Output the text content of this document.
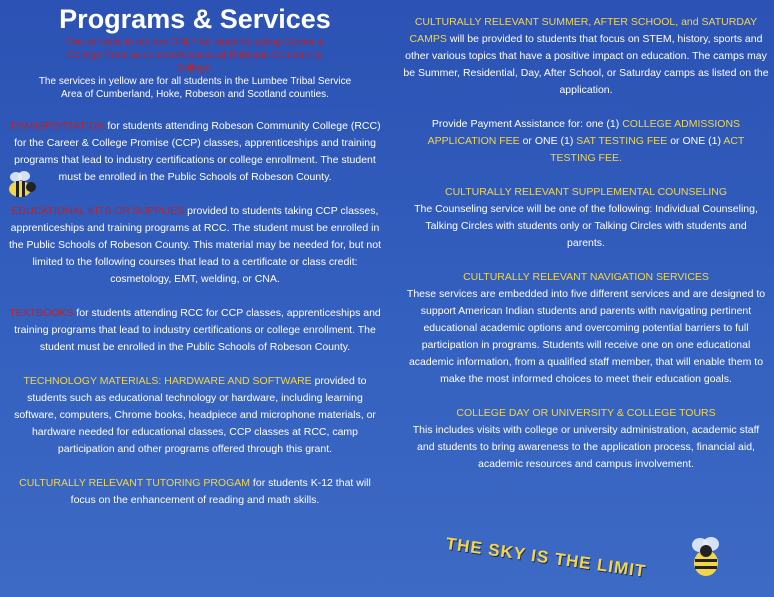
Programs & Services

The services in red are ONLY for students taking Career & College Promise courses/classes at Robeson Community College.

The services in yellow are for all students in the Lumbee Tribal Service Area of Cumberland, Hoke, Robeson and Scotland counties.

TRANSPORTATION for students attending Robeson Community College (RCC) for the Career & College Promise (CCP) classes, apprenticeships and training programs that lead to industry certifications or college enrollment. The student must be enrolled in the Public Schools of Robeson County.

EDUCATIONAL KITS OR SUPPLIES provided to students taking CCP classes, apprenticeships and training programs at RCC. The student must be enrolled in the Public Schools of Robeson County. This material may be needed for, but not limited to the following courses that lead to a certificate or class credit: cosmetology, EMT, welding, or CNA.

TEXTBOOKS for students attending RCC for CCP classes, apprenticeships and training programs that lead to industry certifications or college enrollment. The student must be enrolled in the Public Schools of Robeson County.

TECHNOLOGY MATERIALS: HARDWARE AND SOFTWARE provided to students such as educational technology or hardware, including learning software, computers, Chrome books, headpiece and microphone materials, or hardware needed for educational classes, CCP classes at RCC, camp participation and other programs offered through this grant.

CULTURALLY RELEVANT TUTORING PROGAM for students K-12 that will focus on the enhancement of reading and math skills.

CULTURALLY RELEVANT SUMMER, AFTER SCHOOL, and SATURDAY CAMPS will be provided to students that focus on STEM, history, sports and other various topics that have a positive impact on education. The camps may be Summer, Residential, Day, After School, or Saturday camps as listed on the application.

Provide Payment Assistance for: one (1) COLLEGE ADMISSIONS APPLICATION FEE or ONE (1) SAT TESTING FEE or ONE (1) ACT TESTING FEE.

CULTURALLY RELEVANT SUPPLEMENTAL COUNSELING

The Counseling service will be one of the following: Individual Counseling, Talking Circles with students only or Talking Circles with students and parents.

CULTURALLY RELEVANT NAVIGATION SERVICES

These services are embedded into five different services and are designed to support American Indian students and parents with navigating pertinent educational academic options and overcoming potential barriers to full participation in programs. Students will receive one on one educational academic information, from a qualified staff member, that will enable them to make the most informed choices to meet their education goals.

COLLEGE DAY OR UNIVERSITY & COLLEGE TOURS

This includes visits with college or university administration, academic staff and students to bring awareness to the application process, financial aid, academic resources and campus involvement.

THE SKY IS THE LIMIT
